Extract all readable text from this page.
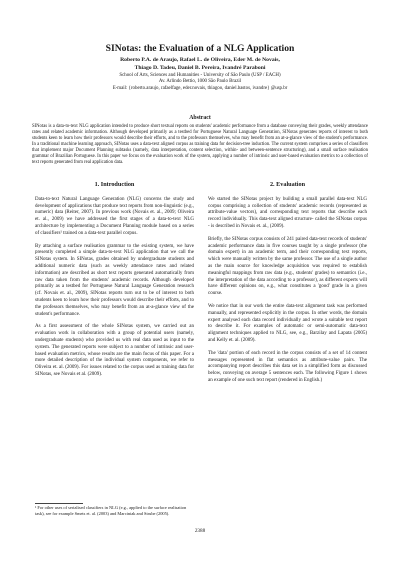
SINotas: the Evaluation of a NLG Application
Roberto P.A. de Araujo, Rafael L. de Oliveira, Eder M. de Novais,
Thiago D. Tadeu, Daniel B. Pereira, Ivandré Paraboni
School of Arts, Sciences and Humanities - University of São Paulo (USP / EACH)
Av. Arlindo Bettio, 1000 São Paulo Brazil
E-mail: {roberto.araujo, rafaelfage, eder.novais, thiagoo, daniel.bastos, ivandre} @usp.br
Abstract
SINotas is a data-to-text NLG application intended to produce short textual reports on students' academic performance from a database conveying their grades, weekly attendance rates and related academic information. Although developed primarily as a testbed for Portuguese Natural Language Generation, SINotas generates reports of interest to both students keen to learn how their professors would describe their efforts, and to the professors themselves, who may benefit from an at-a-glance view of the student's performance. In a traditional machine learning approach, SINotas uses a data-text aligned corpus as training data for decision-tree induction. The current system comprises a series of classifiers that implement major Document Planning subtasks (namely, data interpretation, content selection, within- and between-sentence structuring), and a small surface realisation grammar of Brazilian Portuguese. In this paper we focus on the evaluation work of the system, applying a number of intrinsic and user-based evaluation metrics to a collection of text reports generated from real application data.
1. Introduction

Data-to-text Natural Language Generation (NLG) concerns the study and development of applications that produce text reports from non-linguistic (e.g., numeric) data (Reiter, 2007). In previous work (Novais et. al., 2009; Oliveira et. al., 2009) we have addressed the first stages of a data-to-text NLG architecture by implementing a Document Planning module based on a series of classifiers¹ trained on a data-text parallel corpus.

By attaching a surface realisation grammar to the existing system, we have presently completed a simple data-to-text NLG application that we call the SINotas system. In SINotas, grades obtained by undergraduate students and additional numeric data (such as weekly attendance rates and related information) are described as short text reports generated automatically from raw data taken from the students' academic records. Although developed primarily as a testbed for Portuguese Natural Language Generation research (cf. Novais et. al., 2009), SINotas reports turn out to be of interest to both students keen to learn how their professors would describe their efforts, and to the professors themselves, who may benefit from an at-a-glance view of the student's performance.

As a first assessment of the whole SINotas system, we carried out an evaluation work in collaboration with a group of potential users (namely, undergraduate students) who provided us with real data used as input to the system. The generated reports were subject to a number of intrinsic and user-based evaluation metrics, whose results are the main focus of this paper. For a more detailed description of the individual system components, we refer to Oliveira et. al. (2009). For issues related to the corpus used as training data for SINotas, see Novais et al. (2009).

2. Evaluation

We started the SINotas project by building a small parallel data-text NLG corpus comprising a collection of students' academic records (represented as attribute-value vectors), and corresponding text reports that describe each record individually. This data-text aligned structure- called the SINotas corpus - is described in Novais et. al., (2009).

Briefly, the SINotas corpus consists of 241 paired data-text records of students' academic performance data in five courses taught by a single professor (the domain expert) in an academic term, and their corresponding text reports, which were manually written by the same professor. The use of a single author as the main source for knowledge acquisition was required to establish meaningful mappings from raw data (e.g., students' grades) to semantics (i.e., the interpretation of the data according to a professor), as different experts will have different opinions on, e.g., what constitutes a 'good' grade in a given course.

We notice that in our work the entire data-text alignment task was performed manually, and represented explicitly in the corpus. In other words, the domain expert analysed each data record individually and wrote a suitable text report to describe it. For examples of automatic or semi-automatic data-text alignment techniques applied to NLG, see, e.g., Barzilay and Lapata (2005) and Kelly et. al. (2009).

The 'data' portion of each record in the corpus consists of a set of 14 content messages represented in flat semantics as attribute-value pairs. The accompanying report describes this data set in a simplified form as discussed below, conveying on average 5 sentences each. The following Figure 1 shows an example of one such text report (rendered in English.)

¹ For other uses of serialised classifiers in NLG (e.g., applied to the surface realisation task), see for example Smets et. al. (2003) and Marciniak and Strube (2005).
2388
